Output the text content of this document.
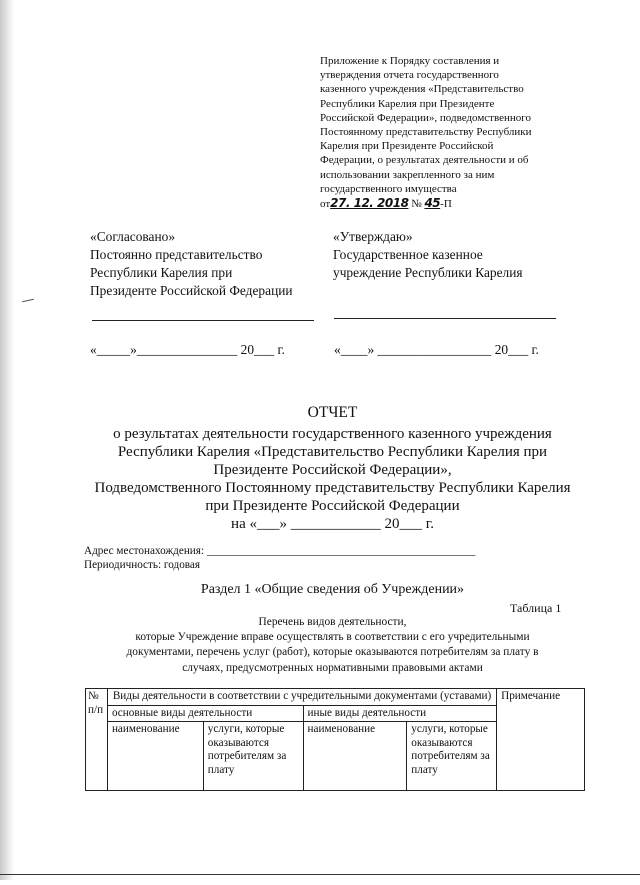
Приложение к Порядку составления и
утверждения отчета государственного
казенного учреждения «Представительство
Республики Карелия при Президенте
Российской Федерации», подведомственного
Постоянному представительству Республики
Карелия при Президенте Российской
Федерации, о результатах деятельности и об
использовании закрепленного за ним
государственного имущества
от27. 12. 2018 № 45-П
«Согласовано»
Постоянно представительство
Республики Карелия при
Президенте Российской Федерации
«Утверждаю»
Государственное казенное
учреждение Республики Карелия
«_____»_______________ 20___ г.	«____» _________________ 20___ г.
ОТЧЕТ
о результатах деятельности государственного казенного учреждения
Республики Карелия «Представительство Республики Карелия при
Президенте Российской Федерации»,
Подведомственного Постоянному представительству Республики Карелия
при Президенте Российской Федерации
на «___» ____________ 20___ г.
Адрес местонахождения: ________________________________________________
Периодичность: годовая
Раздел 1 «Общие сведения об Учреждении»
Таблица 1
Перечень видов деятельности,
которые Учреждение вправе осуществлять в соответствии с его учредительными
документами, перечень услуг (работ), которые оказываются потребителям за плату в
случаях, предусмотренных нормативными правовыми актами
№ п/п	Виды деятельности в соответствии с учредительными документами (уставами)				Примечание
	основные виды деятельности		иные виды деятельности		
	наименование	услуги, которые оказываются потребителям за плату	наименование	услуги, которые оказываются потребителям за плату	
